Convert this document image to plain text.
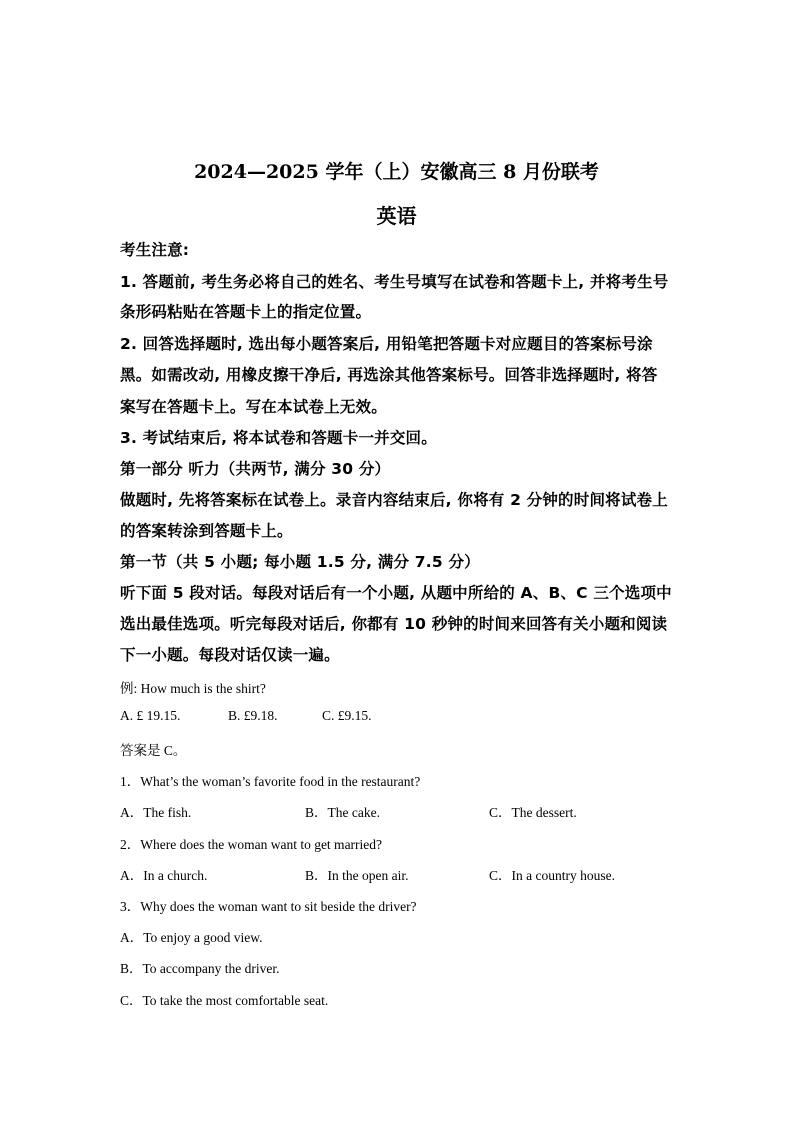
2024—2025 学年（上）安徽高三 8 月份联考
英语
考生注意:
1. 答题前, 考生务必将自己的姓名、考生号填写在试卷和答题卡上, 并将考生号
条形码粘贴在答题卡上的指定位置。
2. 回答选择题时, 选出每小题答案后, 用铅笔把答题卡对应题目的答案标号涂
黑。如需改动, 用橡皮擦干净后, 再选涂其他答案标号。回答非选择题时, 将答
案写在答题卡上。写在本试卷上无效。
3. 考试结束后, 将本试卷和答题卡一并交回。
第一部分 听力（共两节, 满分 30 分）
做题时, 先将答案标在试卷上。录音内容结束后, 你将有 2 分钟的时间将试卷上
的答案转涂到答题卡上。
第一节（共 5 小题; 每小题 1.5 分, 满分 7.5 分）
听下面 5 段对话。每段对话后有一个小题, 从题中所给的 A、B、C 三个选项中
选出最佳选项。听完每段对话后, 你都有 10 秒钟的时间来回答有关小题和阅读
下一小题。每段对话仅读一遍。
例: How much is the shirt?
A. £ 19.15.	B. £9.18.	C. £9.15.
答案是 C。
1．What’s the woman’s favorite food in the restaurant?
A．The fish.	B．The cake.	C．The dessert.
2．Where does the woman want to get married?
A．In a church.	B．In the open air.	C．In a country house.
3．Why does the woman want to sit beside the driver?
A．To enjoy a good view.
B．To accompany the driver.
C．To take the most comfortable seat.
